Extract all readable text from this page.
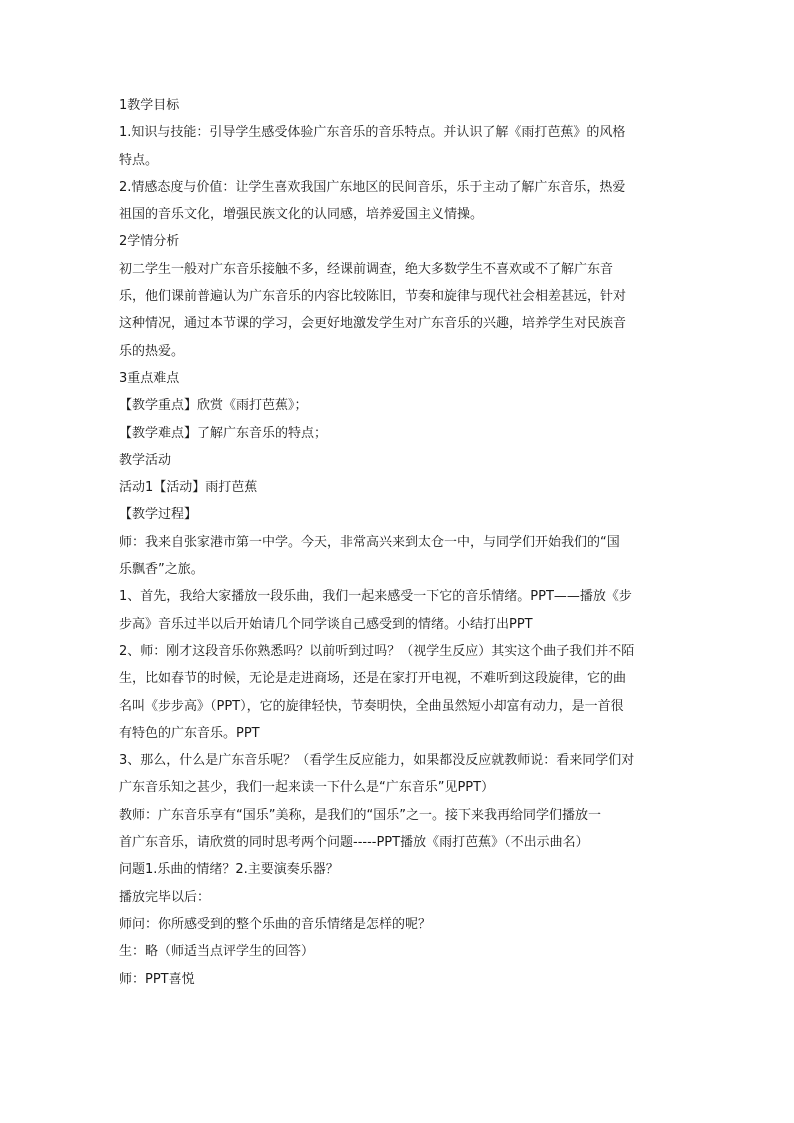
1教学目标
1.知识与技能：引导学生感受体验广东音乐的音乐特点。并认识了解《雨打芭蕉》的风格
特点。
2.情感态度与价值：让学生喜欢我国广东地区的民间音乐，乐于主动了解广东音乐，热爱
祖国的音乐文化，增强民族文化的认同感，培养爱国主义情操。
2学情分析
初二学生一般对广东音乐接触不多，经课前调查，绝大多数学生不喜欢或不了解广东音
乐，他们课前普遍认为广东音乐的内容比较陈旧，节奏和旋律与现代社会相差甚远，针对
这种情况，通过本节课的学习，会更好地激发学生对广东音乐的兴趣，培养学生对民族音
乐的热爱。
3重点难点
【教学重点】欣赏《雨打芭蕉》；
【教学难点】了解广东音乐的特点；
教学活动
活动1【活动】雨打芭蕉
【教学过程】
师：我来自张家港市第一中学。今天，非常高兴来到太仓一中，与同学们开始我们的“国
乐飘香”之旅。
1、首先，我给大家播放一段乐曲，我们一起来感受一下它的音乐情绪。PPT——播放《步
步高》音乐过半以后开始请几个同学谈自己感受到的情绪。小结打出PPT
2、师：刚才这段音乐你熟悉吗？以前听到过吗？（视学生反应）其实这个曲子我们并不陌
生，比如春节的时候，无论是走进商场，还是在家打开电视，不难听到这段旋律，它的曲
名叫《步步高》（PPT），它的旋律轻快，节奏明快，全曲虽然短小却富有动力，是一首很
有特色的广东音乐。PPT
3、那么，什么是广东音乐呢？（看学生反应能力，如果都没反应就教师说：看来同学们对
广东音乐知之甚少，我们一起来读一下什么是“广东音乐”见PPT）
教师：广东音乐享有“国乐”美称，是我们的“国乐”之一。接下来我再给同学们播放一
首广东音乐，请欣赏的同时思考两个问题-----PPT播放《雨打芭蕉》（不出示曲名）
问题1.乐曲的情绪？2.主要演奏乐器？
播放完毕以后：
师问：你所感受到的整个乐曲的音乐情绪是怎样的呢？
生：略（师适当点评学生的回答）
师：PPT喜悦
